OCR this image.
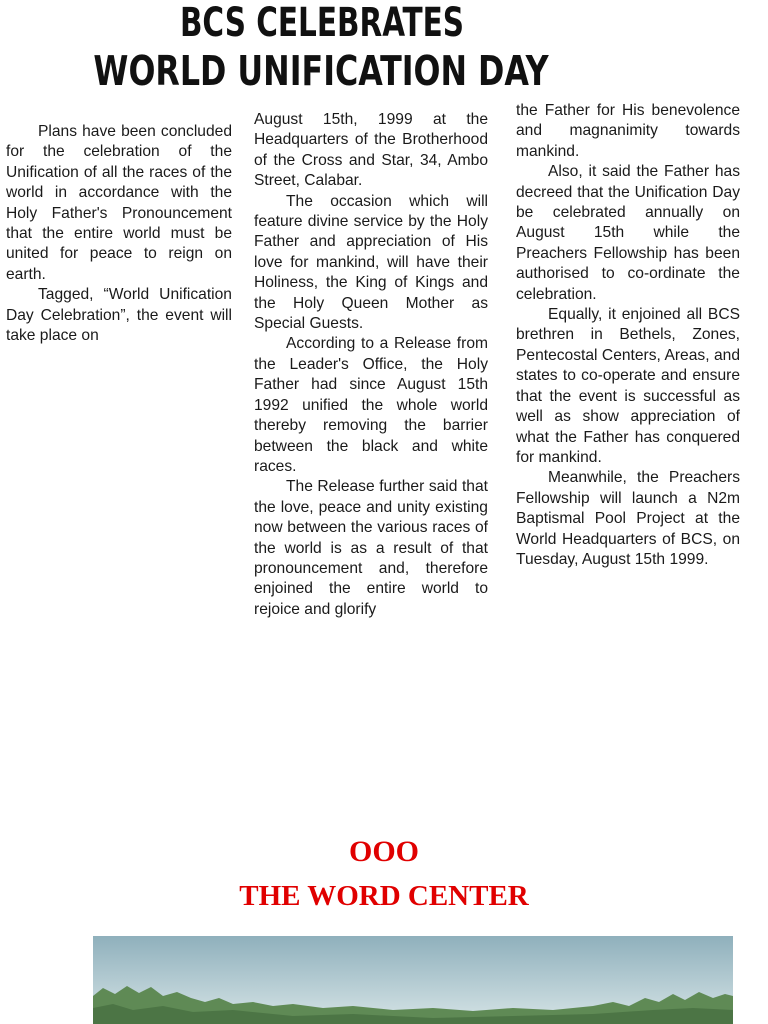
BCS CELEBRATES
WORLD UNIFICATION DAY

Plans have been concluded for the celebration of the Unification of all the races of the world in accordance with the Holy Father's Pronouncement that the entire world must be united for peace to reign on earth.

Tagged, “World Unification Day Celebration”, the event will take place on

August 15th, 1999 at the Headquarters of the Brotherhood of the Cross and Star, 34, Ambo Street, Calabar.

The occasion which will feature divine service by the Holy Father and appreciation of His love for mankind, will have their Holiness, the King of Kings and the Holy Queen Mother as Special Guests.

According to a Release from the Leader's Office, the Holy Father had since August 15th 1992 unified the whole world thereby removing the barrier between the black and white races.

The Release further said that the love, peace and unity existing now between the various races of the world is as a result of that pronouncement and, therefore enjoined the entire world to rejoice and glorify

the Father for His benevolence and magnanimity towards mankind.

Also, it said the Father has decreed that the Unification Day be celebrated annually on August 15th while the Preachers Fellowship has been authorised to co-ordinate the celebration.

Equally, it enjoined all BCS brethren in Bethels, Zones, Pentecostal Centers, Areas, and states to co-operate and ensure that the event is successful as well as show appreciation of what the Father has conquered for mankind.

Meanwhile, the Preachers Fellowship will launch a N2m Baptismal Pool Project at the World Headquarters of BCS, on Tuesday, August 15th 1999.

OOO
THE WORD CENTER
